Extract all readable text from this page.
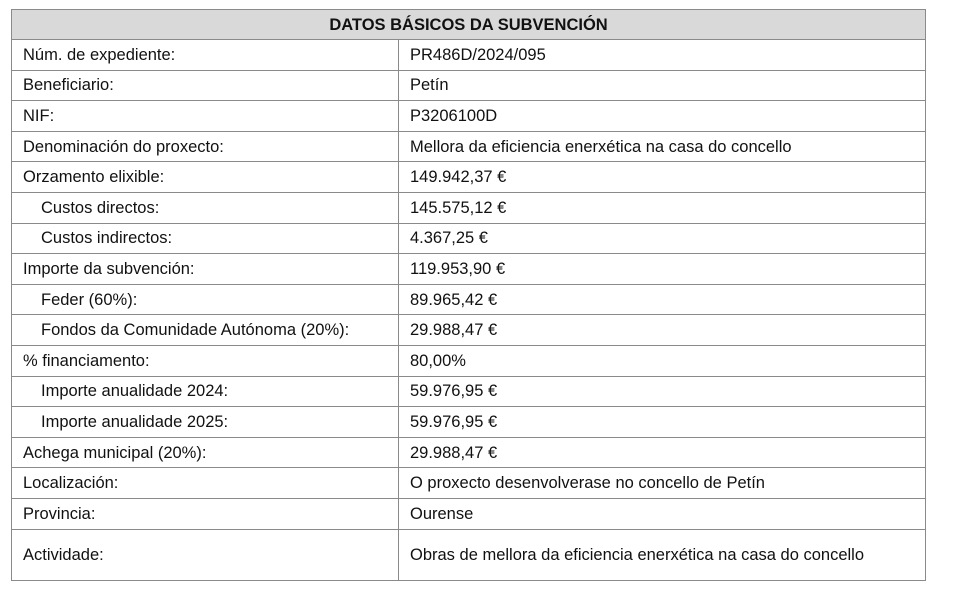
DATOS BÁSICOS DA SUBVENCIÓN	
Núm. de expediente:	PR486D/2024/095
Beneficiario:	Petín
NIF:	P3206100D
Denominación do proxecto:	Mellora da eficiencia enerxética na casa do concello
Orzamento elixible:	149.942,37 €
Custos directos:	145.575,12 €
Custos indirectos:	4.367,25 €
Importe da subvención:	119.953,90 €
Feder (60%):	89.965,42 €
Fondos da Comunidade Autónoma (20%):	29.988,47 €
% financiamento:	80,00%
Importe anualidade 2024:	59.976,95 €
Importe anualidade 2025:	59.976,95 €
Achega municipal (20%):	29.988,47 €
Localización:	O proxecto desenvolverase no concello de Petín
Provincia:	Ourense
Actividade:	Obras de mellora da eficiencia enerxética na casa do concello
